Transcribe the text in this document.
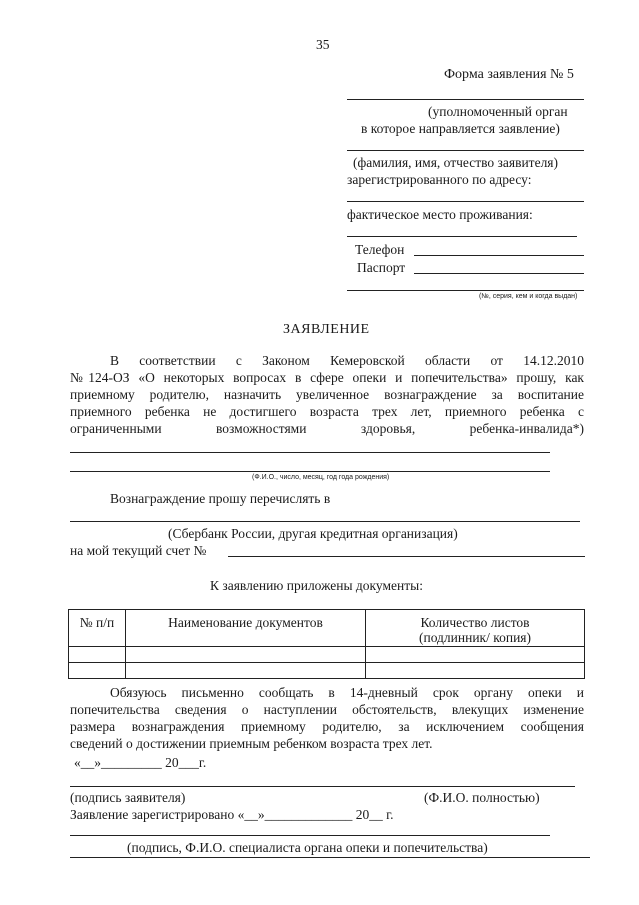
35
Форма заявления № 5
(уполномоченный орган
в которое направляется заявление)
(фамилия, имя, отчество заявителя)
зарегистрированного по адресу:
фактическое место проживания:
Телефон
Паспорт
(№, серия, кем и когда выдан)
ЗАЯВЛЕНИЕ
В соответствии с Законом Кемеровской области от 14.12.2010
№124-ОЗ «О некоторых вопросах в сфере опеки и попечительства» прошу, как
приемному родителю, назначить увеличенное вознаграждение за воспитание
приемного ребенка не достигшего возраста трех лет, приемного ребенка с
ограниченными возможностями здоровья, ребенка-инвалида*)
(Ф.И.О., число, месяц, год года рождения)
Вознаграждение прошу перечислять в
(Сбербанк России, другая кредитная организация)
на мой текущий счет №
К заявлению приложены документы:
№ п/п	Наименование документов	Количество листов
(подлинник/ копия)

Обязуюсь письменно сообщать в 14-дневный срок органу опеки и
попечительства сведения о наступлении обстоятельств, влекущих изменение
размера вознаграждения приемному родителю, за исключением сообщения
сведений о достижении приемным ребенком возраста трех лет.
«__»_________ 20___г.
(подпись заявителя)	(Ф.И.О. полностью)
Заявление зарегистрировано «__»_____________ 20__ г.
(подпись, Ф.И.О. специалиста органа опеки и попечительства)
